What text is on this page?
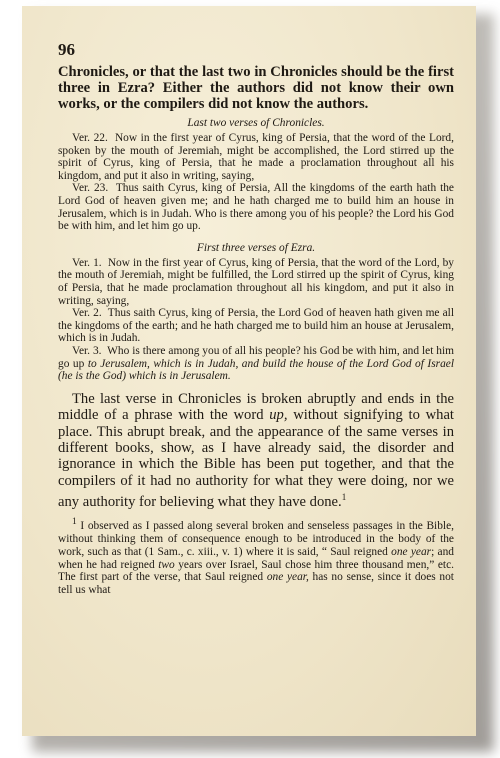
96

Chronicles, or that the last two in Chronicles should be the first three in Ezra? Either the authors did not know their own works, or the compilers did not know the authors.

Last two verses of Chronicles.

Ver. 22. Now in the first year of Cyrus, king of Persia, that the word of the Lord, spoken by the mouth of Jeremiah, might be accomplished, the Lord stirred up the spirit of Cyrus, king of Persia, that he made a proclamation throughout all his kingdom, and put it also in writing, saying,

Ver. 23. Thus saith Cyrus, king of Persia, All the kingdoms of the earth hath the Lord God of heaven given me; and he hath charged me to build him an house in Jerusalem, which is in Judah. Who is there among you of his people? the Lord his God be with him, and let him go up.

First three verses of Ezra.

Ver. 1. Now in the first year of Cyrus, king of Persia, that the word of the Lord, by the mouth of Jeremiah, might be fulfilled, the Lord stirred up the spirit of Cyrus, king of Persia, that he made proclamation throughout all his kingdom, and put it also in writing, saying,

Ver. 2. Thus saith Cyrus, king of Persia, the Lord God of heaven hath given me all the kingdoms of the earth; and he hath charged me to build him an house at Jerusalem, which is in Judah.

Ver. 3. Who is there among you of all his people? his God be with him, and let him go up to Jerusalem, which is in Judah, and build the house of the Lord God of Israel (he is the God) which is in Jerusalem.

The last verse in Chronicles is broken abruptly and ends in the middle of a phrase with the word up, without signifying to what place. This abrupt break, and the appearance of the same verses in different books, show, as I have already said, the disorder and ignorance in which the Bible has been put together, and that the compilers of it had no authority for what they were doing, nor we any authority for believing what they have done.$^1$

$^1$ I observed as I passed along several broken and senseless passages in the Bible, without thinking them of consequence enough to be introduced in the body of the work, such as that (1 Sam., c. xiii., v. 1) where it is said, “ Saul reigned one year; and when he had reigned two years over Israel, Saul chose him three thousand men,” etc. The first part of the verse, that Saul reigned one year, has no sense, since it does not tell us what
